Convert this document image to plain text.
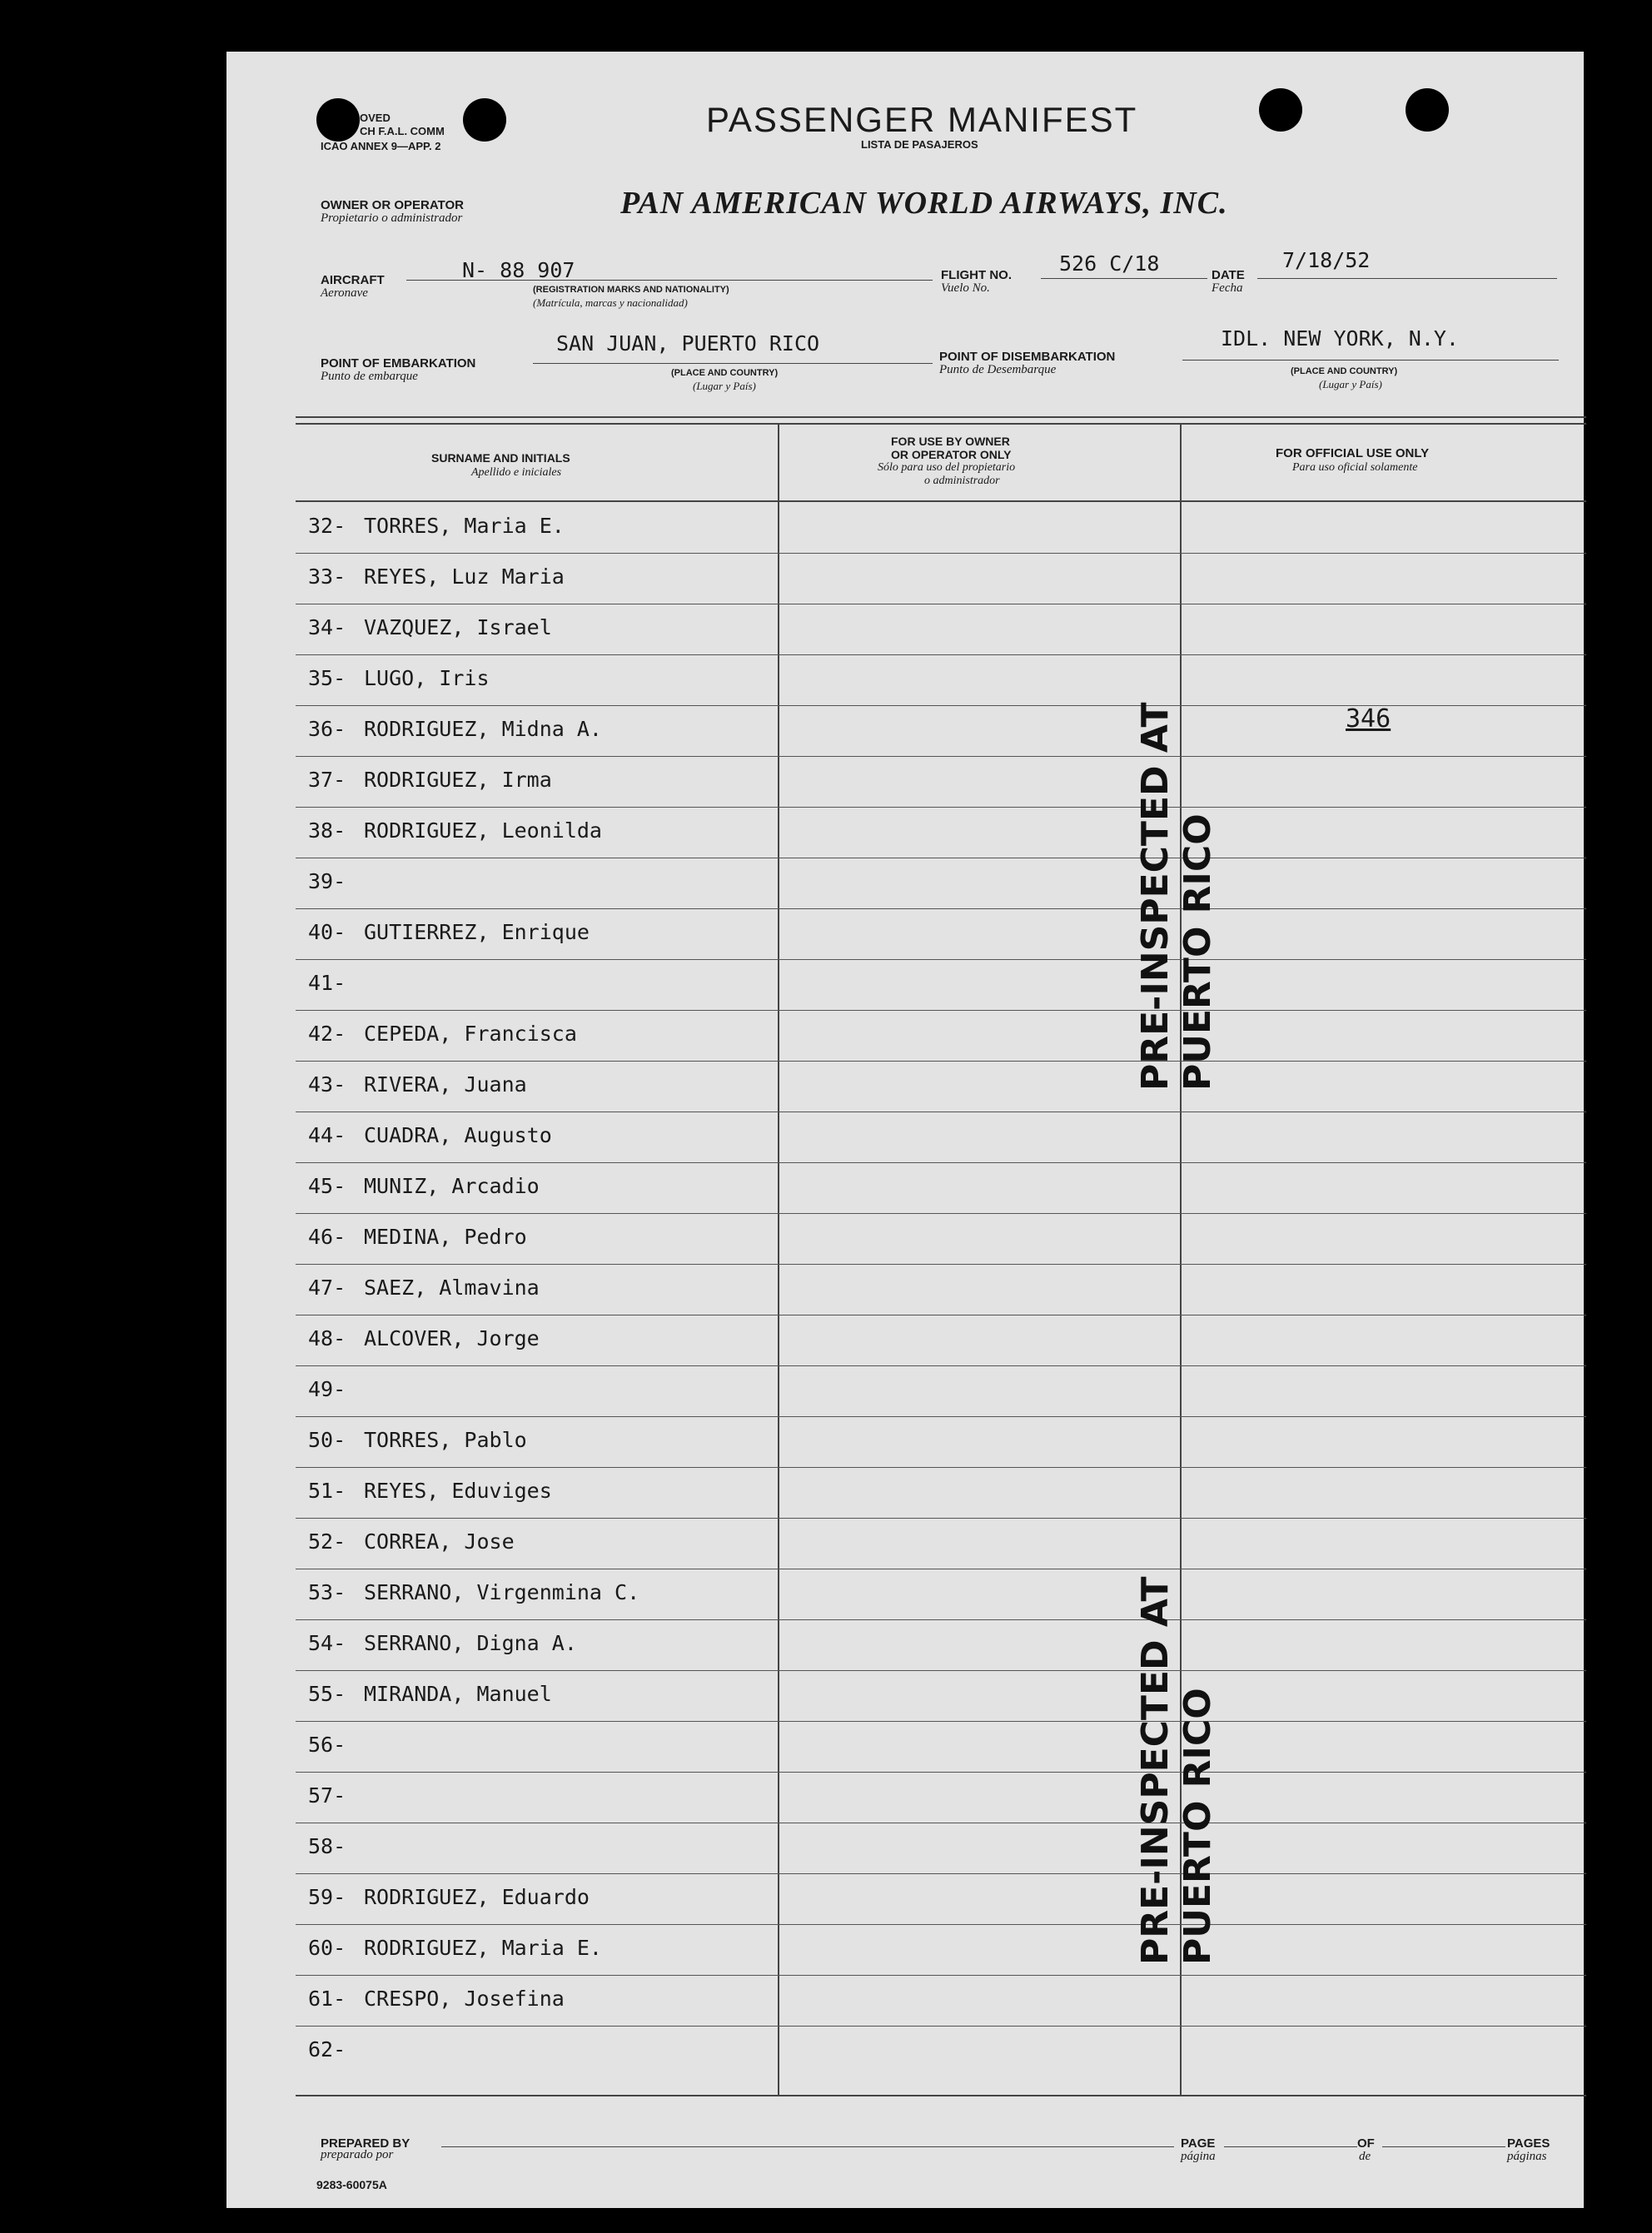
OVED
CH F.A.L. COMM
ICAO ANNEX 9—APP. 2
PASSENGER MANIFEST
LISTA DE PASAJEROS
OWNER OR OPERATOR
Propietario o administrador	PAN AMERICAN WORLD AIRWAYS, INC.
AIRCRAFT
Aeronave
N- 88 907
(REGISTRATION MARKS AND NATIONALITY)
(Matrícula, marcas y nacionalidad)
FLIGHT NO.
Vuelo No.
526 C/18	DATE
Fecha
7/18/52
POINT OF EMBARKATION
Punto de embarque
SAN JUAN, PUERTO RICO
(PLACE AND COUNTRY)
(Lugar y País)
POINT OF DISEMBARKATION
Punto de Desembarque
IDL. NEW YORK, N.Y.
(PLACE AND COUNTRY)
(Lugar y País)
SURNAME AND INITIALS
Apellido e iniciales
FOR USE BY OWNER
OR OPERATOR ONLY
Sólo para uso del propietario
o administrador
FOR OFFICIAL USE ONLY
Para uso oficial solamente
32- TORRES, Maria E.
33- REYES, Luz Maria
34- VAZQUEZ, Israel
35- LUGO, Iris
36- RODRIGUEZ, Midna A.
37- RODRIGUEZ, Irma
38- RODRIGUEZ, Leonilda
39-
40- GUTIERREZ, Enrique
41-
42- CEPEDA, Francisca
43- RIVERA, Juana
44- CUADRA, Augusto
45- MUNIZ, Arcadio
46- MEDINA, Pedro
47- SAEZ, Almavina
48- ALCOVER, Jorge
49-
50- TORRES, Pablo
51- REYES, Eduviges
52- CORREA, Jose
53- SERRANO, Virgenmina C.
54- SERRANO, Digna A.
55- MIRANDA, Manuel
56-
57-
58-
59- RODRIGUEZ, Eduardo
60- RODRIGUEZ, Maria E.
61- CRESPO, Josefina
62-
346
PRE-INSPECTED AT PUERTO RICO
PRE-INSPECTED AT PUERTO RICO
PREPARED BY
preparado por
PAGE
página
OF
de
PAGES
páginas
9283-60075A
